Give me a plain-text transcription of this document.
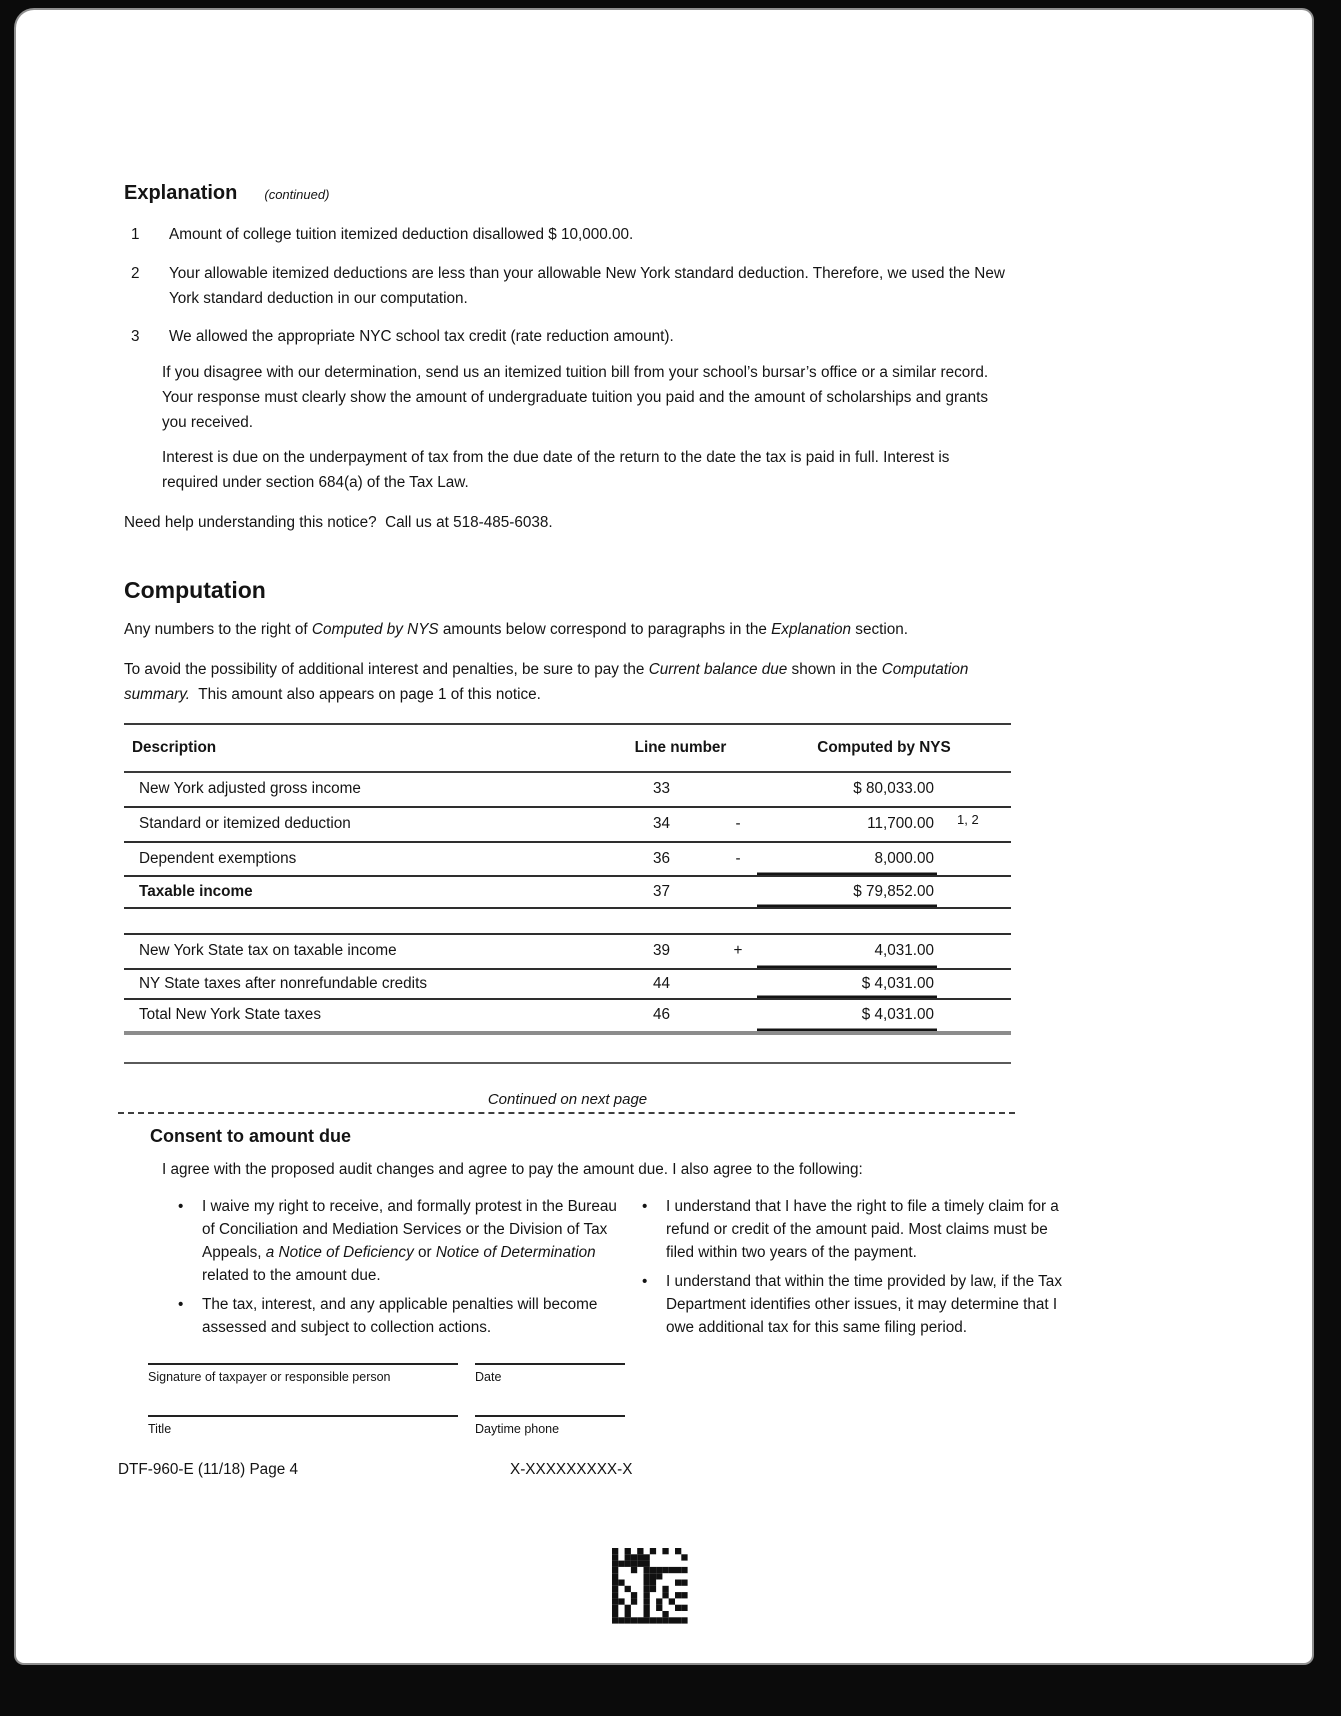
Explanation (continued)
1	Amount of college tuition itemized deduction disallowed $ 10,000.00.
2	Your allowable itemized deductions are less than your allowable New York standard deduction. Therefore, we used the New York standard deduction in our computation.
3	We allowed the appropriate NYC school tax credit (rate reduction amount).

If you disagree with our determination, send us an itemized tuition bill from your school’s bursar’s office or a similar record. Your response must clearly show the amount of undergraduate tuition you paid and the amount of scholarships and grants you received.

Interest is due on the underpayment of tax from the due date of the return to the date the tax is paid in full. Interest is required under section 684(a) of the Tax Law.

Need help understanding this notice?  Call us at 518-485-6038.

Computation

Any numbers to the right of Computed by NYS amounts below correspond to paragraphs in the Explanation section.

To avoid the possibility of additional interest and penalties, be sure to pay the Current balance due shown in the Computation summary.  This amount also appears on page 1 of this notice.

Description	Line number	Computed by NYS
New York adjusted gross income	33	$ 80,033.00
Standard or itemized deduction	34	-	11,700.00	1, 2
Dependent exemptions	36	-	8,000.00
Taxable income	37	$ 79,852.00
New York State tax on taxable income	39	+	4,031.00
NY State taxes after nonrefundable credits	44	$ 4,031.00
Total New York State taxes	46	$ 4,031.00
Continued on next page
Consent to amount due

I agree with the proposed audit changes and agree to pay the amount due. I also agree to the following:

•	I waive my right to receive, and formally protest in the Bureau of Conciliation and Mediation Services or the Division of Tax Appeals, a Notice of Deficiency or Notice of Determination related to the amount due.
•	The tax, interest, and any applicable penalties will become assessed and subject to collection actions.
•	I understand that I have the right to file a timely claim for a refund or credit of the amount paid. Most claims must be filed within two years of the payment.
•	I understand that within the time provided by law, if the Tax Department identifies other issues, it may determine that I owe additional tax for this same filing period.
Signature of taxpayer or responsible person	Date
Title	Daytime phone
DTF-960-E (11/18) Page 4	X-XXXXXXXXX-X
